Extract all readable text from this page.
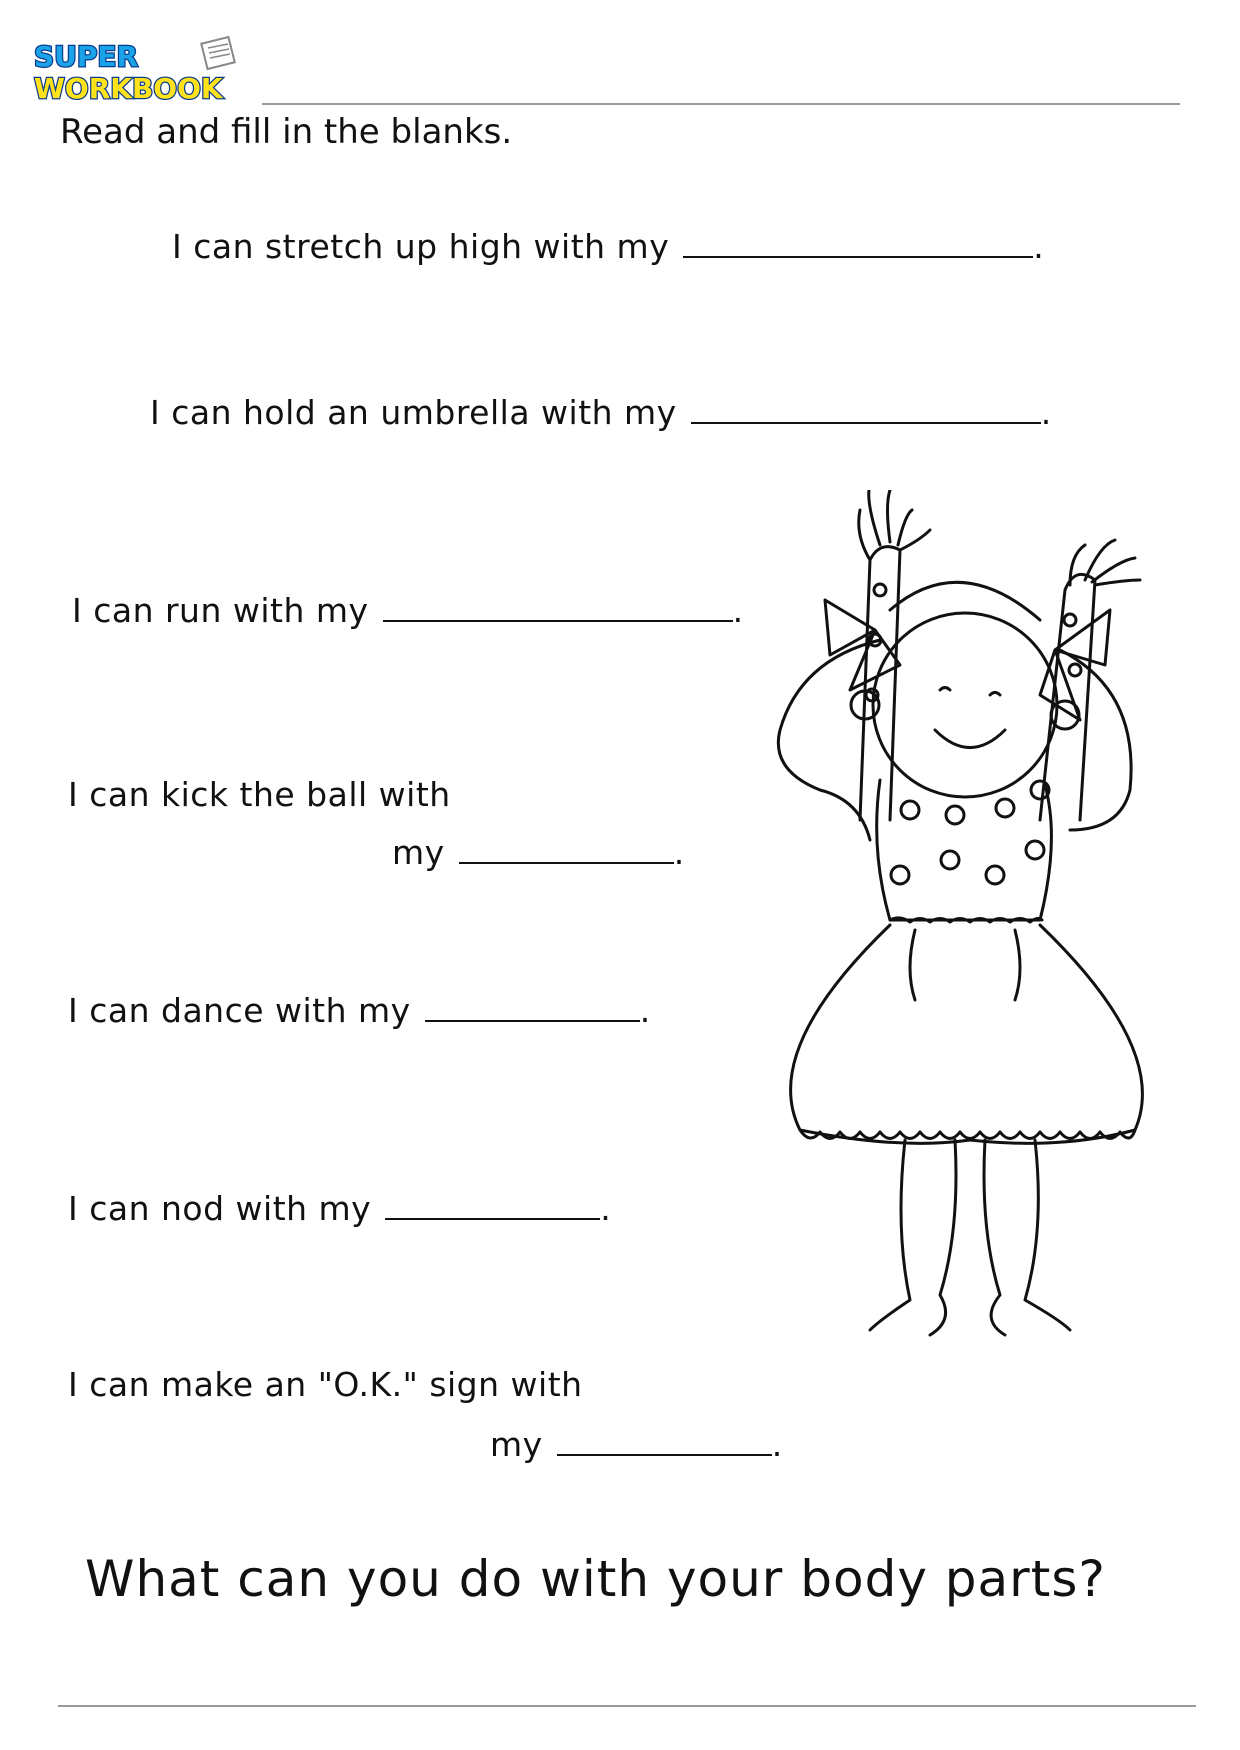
SUPER
WORKBOOK
Read and fill in the blanks.
I can stretch up high with my	.
I can hold an umbrella with my	.
I can run with my	.
I can kick the ball with
my	.
I can dance with my	.
I can nod with my	.
I can make an "O.K." sign with
my	.
What can you do with your body parts?
